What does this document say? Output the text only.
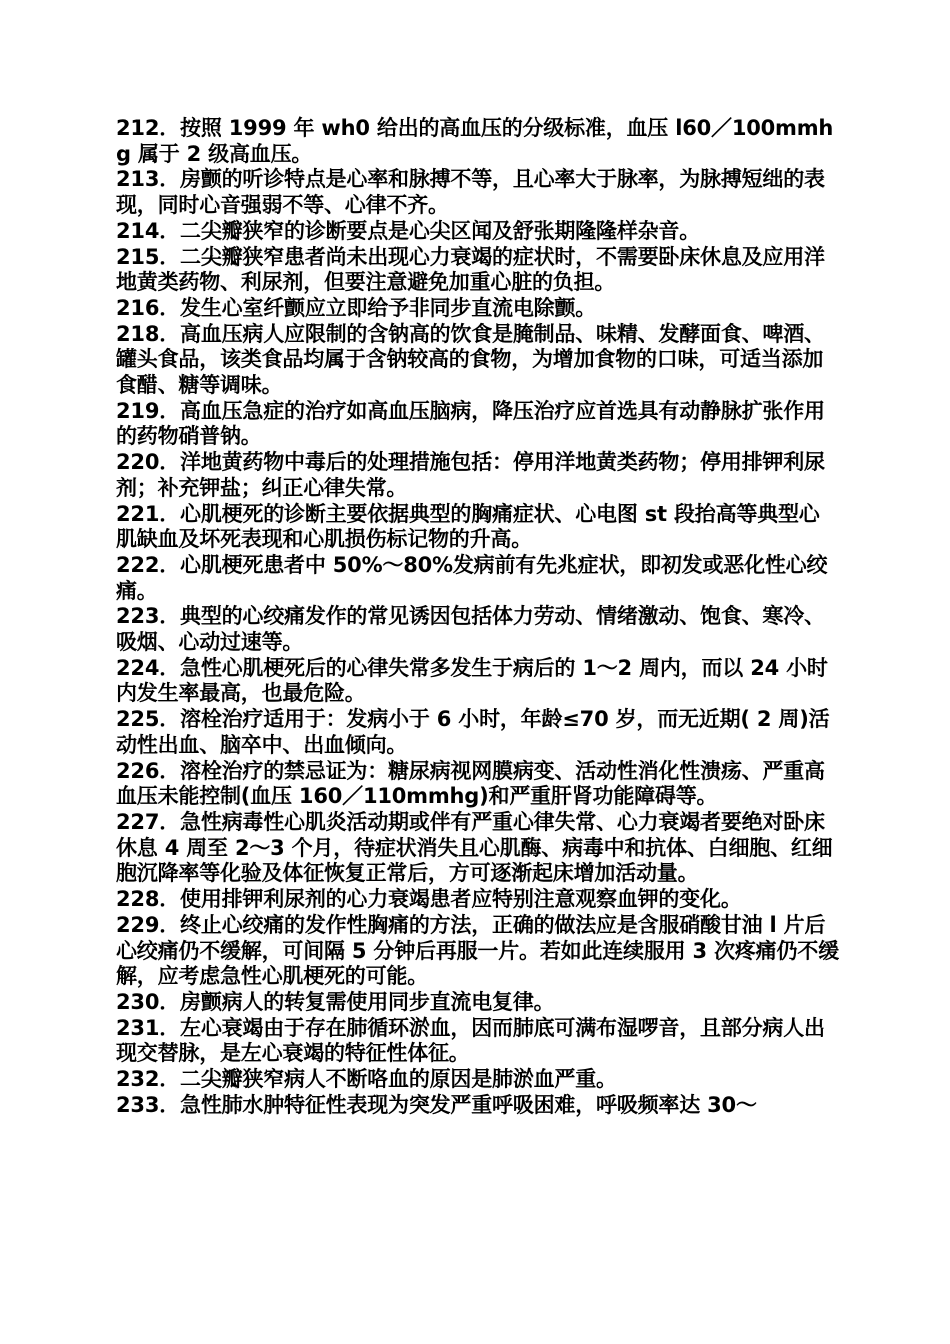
212．按照 1999 年 wh0 给出的高血压的分级标准，血压 l60／100mmhg 属于 2 级高血压。

213．房颤的听诊特点是心率和脉搏不等，且心率大于脉率，为脉搏短绌的表现，同时心音强弱不等、心律不齐。

214．二尖瓣狭窄的诊断要点是心尖区闻及舒张期隆隆样杂音。

215．二尖瓣狭窄患者尚未出现心力衰竭的症状时，不需要卧床休息及应用洋地黄类药物、利尿剂，但要注意避免加重心脏的负担。

216．发生心室纤颤应立即给予非同步直流电除颤。

218．高血压病人应限制的含钠高的饮食是腌制品、味精、发酵面食、啤酒、罐头食品，该类食品均属于含钠较高的食物，为增加食物的口味，可适当添加食醋、糖等调味。

219．高血压急症的治疗如高血压脑病，降压治疗应首选具有动静脉扩张作用的药物硝普钠。

220．洋地黄药物中毒后的处理措施包括：停用洋地黄类药物；停用排钾利尿剂；补充钾盐；纠正心律失常。

221．心肌梗死的诊断主要依据典型的胸痛症状、心电图 st 段抬高等典型心肌缺血及坏死表现和心肌损伤标记物的升高。

222．心肌梗死患者中 50%～80%发病前有先兆症状，即初发或恶化性心绞痛。

223．典型的心绞痛发作的常见诱因包括体力劳动、情绪激动、饱食、寒冷、吸烟、心动过速等。

224．急性心肌梗死后的心律失常多发生于病后的 1～2 周内，而以 24 小时内发生率最高，也最危险。

225．溶栓治疗适用于：发病小于 6 小时，年龄≤70 岁，而无近期( 2 周)活动性出血、脑卒中、出血倾向。

226．溶栓治疗的禁忌证为：糖尿病视网膜病变、活动性消化性溃疡、严重高血压未能控制(血压 160／110mmhg)和严重肝肾功能障碍等。

227．急性病毒性心肌炎活动期或伴有严重心律失常、心力衰竭者要绝对卧床休息 4 周至 2～3 个月，待症状消失且心肌酶、病毒中和抗体、白细胞、红细胞沉降率等化验及体征恢复正常后，方可逐渐起床增加活动量。

228．使用排钾利尿剂的心力衰竭患者应特别注意观察血钾的变化。

229．终止心绞痛的发作性胸痛的方法，正确的做法应是含服硝酸甘油 l 片后心绞痛仍不缓解，可间隔 5 分钟后再服一片。若如此连续服用 3 次疼痛仍不缓解，应考虑急性心肌梗死的可能。

230．房颤病人的转复需使用同步直流电复律。

231．左心衰竭由于存在肺循环淤血，因而肺底可满布湿啰音，且部分病人出现交替脉，是左心衰竭的特征性体征。

232．二尖瓣狭窄病人不断咯血的原因是肺淤血严重。

233．急性肺水肿特征性表现为突发严重呼吸困难，呼吸频率达 30～
